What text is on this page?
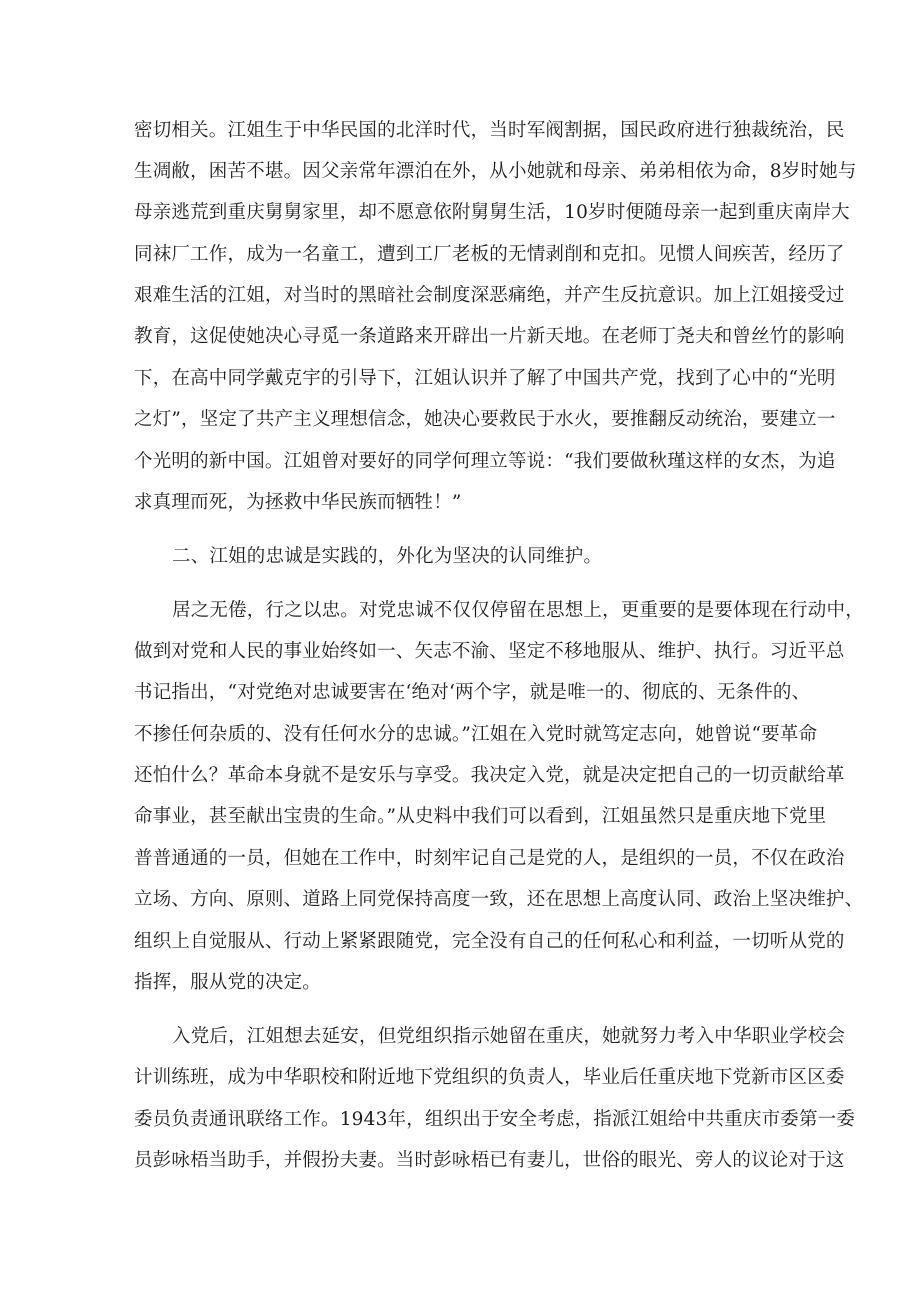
密切相关。江姐生于中华民国的北洋时代，当时军阀割据，国民政府进行独裁统治，民
生凋敝，困苦不堪。因父亲常年漂泊在外，从小她就和母亲、弟弟相依为命，8岁时她与
母亲逃荒到重庆舅舅家里，却不愿意依附舅舅生活，10岁时便随母亲一起到重庆南岸大
同袜厂工作，成为一名童工，遭到工厂老板的无情剥削和克扣。见惯人间疾苦，经历了
艰难生活的江姐，对当时的黑暗社会制度深恶痛绝，并产生反抗意识。加上江姐接受过
教育，这促使她决心寻觅一条道路来开辟出一片新天地。在老师丁尧夫和曾丝竹的影响
下，在高中同学戴克宇的引导下，江姐认识并了解了中国共产党，找到了心中的“光明
之灯”，坚定了共产主义理想信念，她决心要救民于水火，要推翻反动统治，要建立一
个光明的新中国。江姐曾对要好的同学何理立等说：“我们要做秋瑾这样的女杰，为追
求真理而死，为拯救中华民族而牺牲！”
二、江姐的忠诚是实践的，外化为坚决的认同维护。
居之无倦，行之以忠。对党忠诚不仅仅停留在思想上，更重要的是要体现在行动中，
做到对党和人民的事业始终如一、矢志不渝、坚定不移地服从、维护、执行。习近平总
书记指出，“对党绝对忠诚要害在‘绝对‘两个字，就是唯一的、彻底的、无条件的、
不掺任何杂质的、没有任何水分的忠诚。”江姐在入党时就笃定志向，她曾说“要革命
还怕什么？革命本身就不是安乐与享受。我决定入党，就是决定把自己的一切贡献给革
命事业，甚至献出宝贵的生命。”从史料中我们可以看到，江姐虽然只是重庆地下党里
普普通通的一员，但她在工作中，时刻牢记自己是党的人，是组织的一员，不仅在政治
立场、方向、原则、道路上同党保持高度一致，还在思想上高度认同、政治上坚决维护、
组织上自觉服从、行动上紧紧跟随党，完全没有自己的任何私心和利益，一切听从党的
指挥，服从党的决定。
入党后，江姐想去延安，但党组织指示她留在重庆，她就努力考入中华职业学校会
计训练班，成为中华职校和附近地下党组织的负责人，毕业后任重庆地下党新市区区委
委员负责通讯联络工作。1943年，组织出于安全考虑，指派江姐给中共重庆市委第一委
员彭咏梧当助手，并假扮夫妻。当时彭咏梧已有妻儿，世俗的眼光、旁人的议论对于这
